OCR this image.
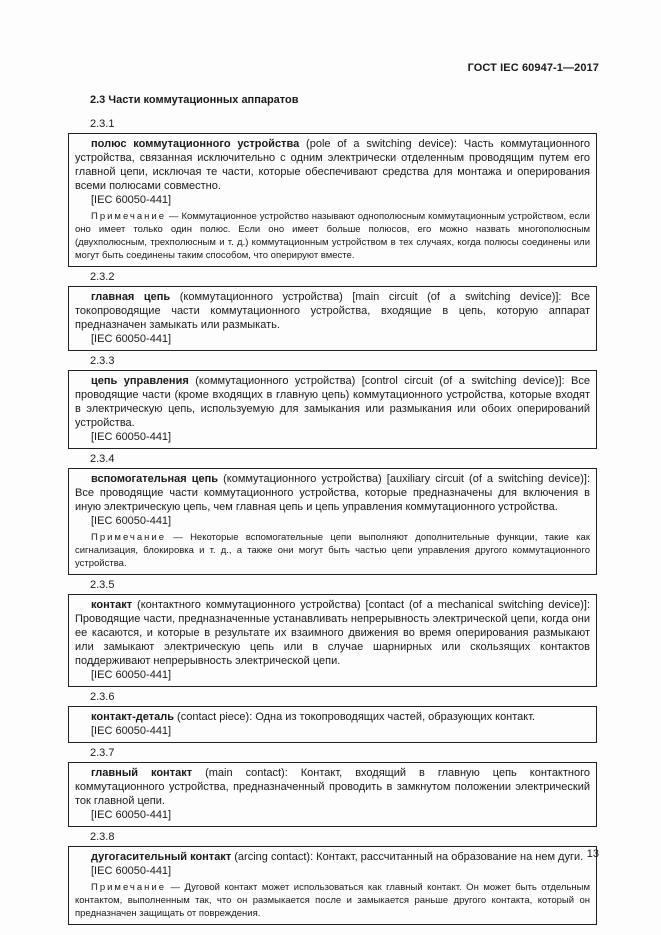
ГОСТ IEC 60947-1—2017
2.3 Части коммутационных аппаратов
2.3.1

полюс коммутационного устройства (pole of a switching device): Часть коммутационного устройства, связанная исключительно с одним электрически отделенным проводящим путем его главной цепи, исключая те части, которые обеспечивают средства для монтажа и оперирования всеми полюсами совместно.

[IEC 60050-441]

Примечание — Коммутационное устройство называют однополюсным коммутационным устройством, если оно имеет только один полюс. Если оно имеет больше полюсов, его можно назвать многополюсным (двухполюсным, трехполюсным и т. д.) коммутационным устройством в тех случаях, когда полюсы соединены или могут быть соединены таким способом, что оперируют вместе.

2.3.2

главная цепь (коммутационного устройства) [main circuit (of a switching device)]: Все токопроводящие части коммутационного устройства, входящие в цепь, которую аппарат предназначен замыкать или размыкать.

[IEC 60050-441]

2.3.3

цепь управления (коммутационного устройства) [control circuit (of a switching device)]: Все проводящие части (кроме входящих в главную цепь) коммутационного устройства, которые входят в электрическую цепь, используемую для замыкания или размыкания или обоих оперирований устройства.

[IEC 60050-441]

2.3.4

вспомогательная цепь (коммутационного устройства) [auxiliary circuit (of a switching device)]: Все проводящие части коммутационного устройства, которые предназначены для включения в иную электрическую цепь, чем главная цепь и цепь управления коммутационного устройства.

[IEC 60050-441]

Примечание — Некоторые вспомогательные цепи выполняют дополнительные функции, такие как сигнализация, блокировка и т. д., а также они могут быть частью цепи управления другого коммутационного устройства.

2.3.5

контакт (контактного коммутационного устройства) [contact (of a mechanical switching device)]: Проводящие части, предназначенные устанавливать непрерывность электрической цепи, когда они ее касаются, и которые в результате их взаимного движения во время оперирования размыкают или замыкают электрическую цепь или в случае шарнирных или скользящих контактов поддерживают непрерывность электрической цепи.

[IEC 60050-441]

2.3.6

контакт-деталь (contact piece): Одна из токопроводящих частей, образующих контакт.

[IEC 60050-441]

2.3.7

главный контакт (main contact): Контакт, входящий в главную цепь контактного коммутационного устройства, предназначенный проводить в замкнутом положении электрический ток главной цепи.

[IEC 60050-441]

2.3.8

дугогасительный контакт (arcing contact): Контакт, рассчитанный на образование на нем дуги.

[IEC 60050-441]

Примечание — Дуговой контакт может использоваться как главный контакт. Он может быть отдельным контактом, выполненным так, что он размыкается после и замыкается раньше другого контакта, который он предназначен защищать от повреждения.

13
